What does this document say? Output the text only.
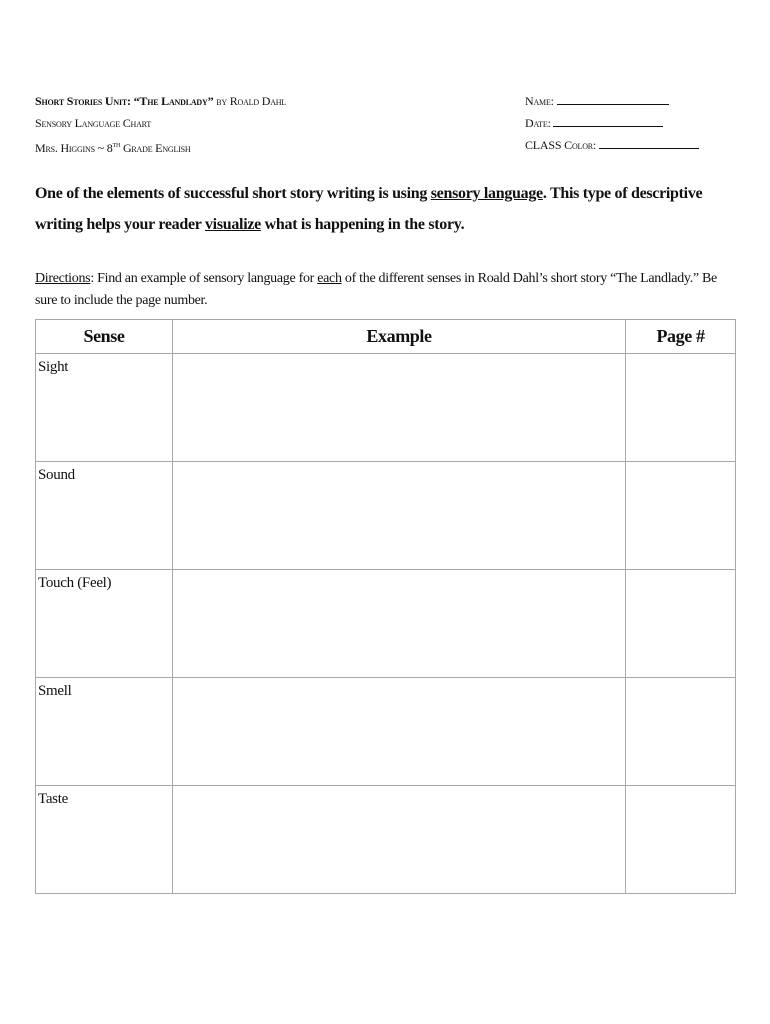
Short Stories Unit: “The Landlady” by Roald Dahl
Sensory Language Chart
Mrs. Higgins ~ 8th Grade English
Name:
Date:
CLASS Color:
One of the elements of successful short story writing is using sensory language. This type of descriptive writing helps your reader visualize what is happening in the story.
Directions: Find an example of sensory language for each of the different senses in Roald Dahl’s short story “The Landlady.” Be sure to include the page number.
Sense	Example	Page #

Sight		

Sound		

Touch (Feel)		

Smell		

Taste		
